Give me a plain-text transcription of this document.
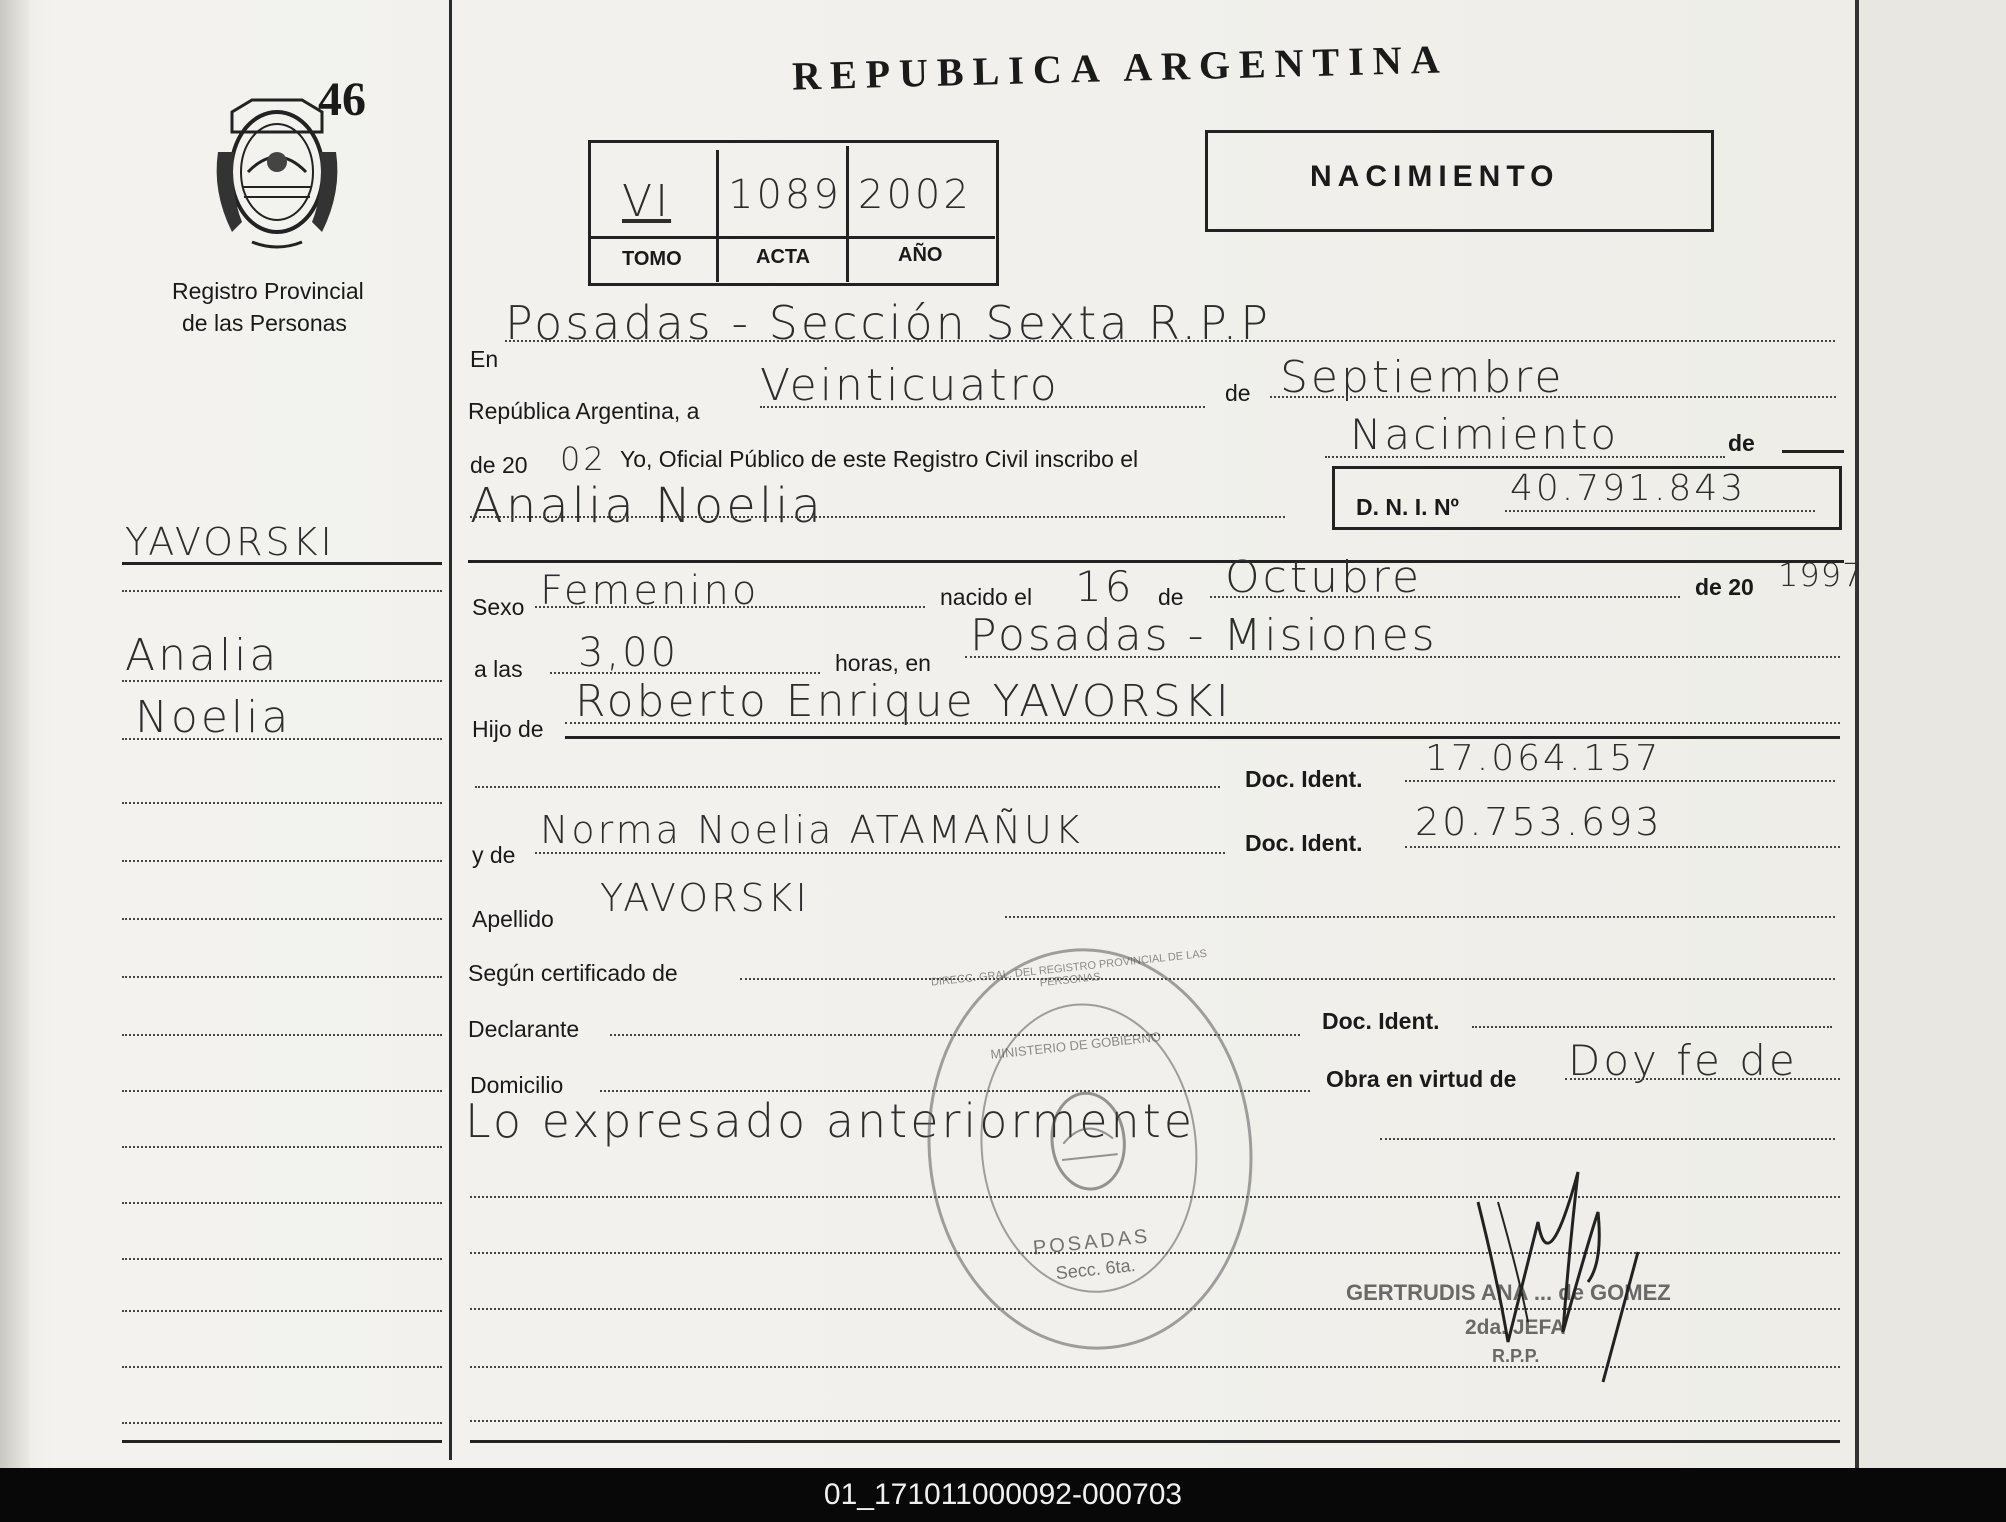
46
Registro Provincial
de las Personas
YAVORSKI
Analia
Noelia
REPUBLICA ARGENTINA
NACIMIENTO
VI 1089 2002
TOMO	ACTA	AÑO
En
Posadas - Sección Sexta R.P.P
República Argentina, a Veinticuatro	de Septiembre
de 20 02 Yo, Oficial Público de este Registro Civil inscribo el	Nacimiento	de
Analia Noelia	D. N. I. Nº 40.791.843
Sexo Femenino	nacido el 16 de Octubre	de 20 1997
a las 3,00	horas, en
Posadas - Misiones
Hijo de
Roberto Enrique YAVORSKI
Doc. Ident. 17.064.157
y de
Norma Noelia ATAMAÑUK	Doc. Ident. 20.753.693
Apellido YAVORSKI
Según certificado de
Declarante	Doc. Ident.
Domicilio	Obra en virtud de Doy fe de
Lo expresado anteriormente
DIRECC. GRAL. DEL REGISTRO PROVINCIAL DE LAS PERSONAS
MINISTERIO DE GOBIERNO
POSADAS
Secc. 6ta.
GERTRUDIS ANA ... de GOMEZ
2da. JEFA
R.P.P.
01_171011000092-000703
